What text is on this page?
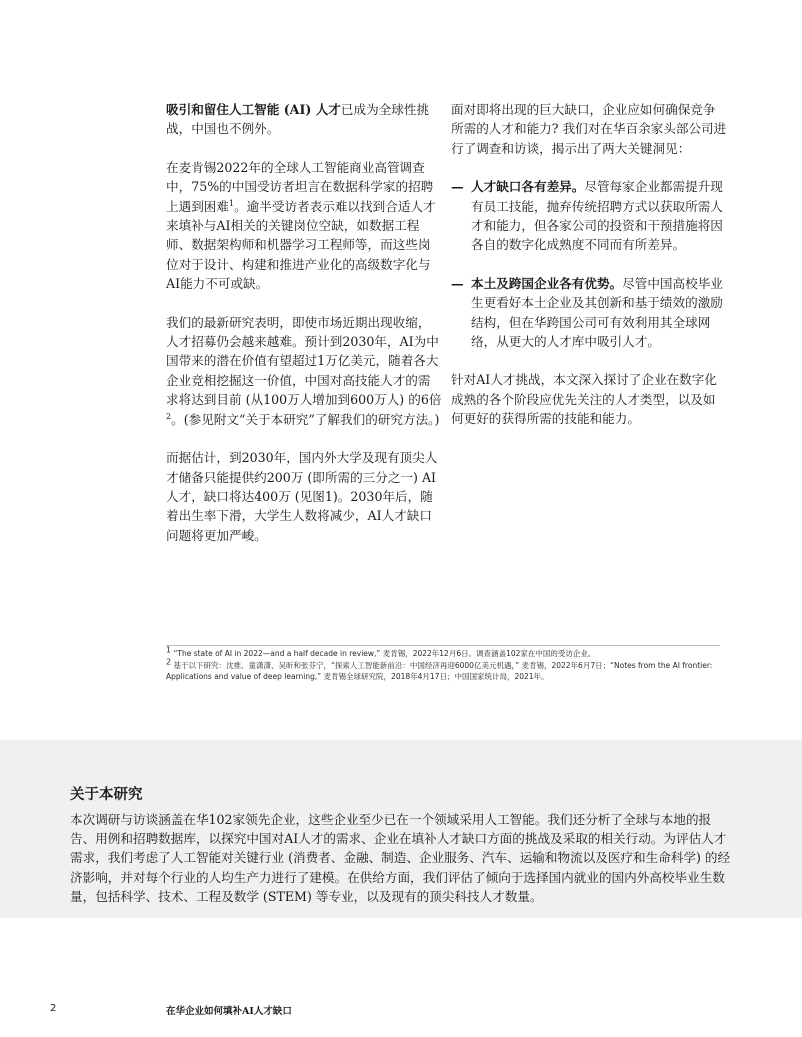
吸引和留住人工智能 (AI) 人才已成为全球性挑战，中国也不例外。

在麦肯锡2022年的全球人工智能商业高管调查中，75%的中国受访者坦言在数据科学家的招聘上遇到困难$^1$。逾半受访者表示难以找到合适人才来填补与AI相关的关键岗位空缺，如数据工程师、数据架构师和机器学习工程师等，而这些岗位对于设计、构建和推进产业化的高级数字化与AI能力不可或缺。

我们的最新研究表明，即使市场近期出现收缩，人才招募仍会越来越难。预计到2030年，AI为中国带来的潜在价值有望超过1万亿美元，随着各大企业竞相挖掘这一价值，中国对高技能人才的需求将达到目前 (从100万人增加到600万人) 的6倍$^2$。(参见附文“关于本研究”了解我们的研究方法。)

而据估计，到2030年，国内外大学及现有顶尖人才储备只能提供约200万 (即所需的三分之一) AI人才，缺口将达400万 (见图1)。2030年后，随着出生率下滑，大学生人数将减少，AI人才缺口问题将更加严峻。

面对即将出现的巨大缺口，企业应如何确保竞争所需的人才和能力? 我们对在华百余家头部公司进行了调查和访谈，揭示出了两大关键洞见：

— 人才缺口各有差异。尽管每家企业都需提升现有员工技能，抛弃传统招聘方式以获取所需人才和能力，但各家公司的投资和干预措施将因各自的数字化成熟度不同而有所差异。
— 本土及跨国企业各有优势。尽管中国高校毕业生更看好本土企业及其创新和基于绩效的激励结构，但在华跨国公司可有效利用其全球网络，从更大的人才库中吸引人才。

针对AI人才挑战，本文深入探讨了企业在数字化成熟的各个阶段应优先关注的人才类型，以及如何更好的获得所需的技能和能力。

$^1$ “The state of AI in 2022—and a half decade in review,” 麦肯锡，2022年12月6日。调查涵盖102家在中国的受访企业。
$^2$ 基于以下研究：沈推、童潇潇、吴昕和张芬宁，“探索人工智能新前沿：中国经济再迎6000亿美元机遇，” 麦肯锡，2022年6月7日；“Notes from the AI frontier: Applications and value of deep learning,” 麦肯锡全球研究院，2018年4月17日；中国国家统计局，2021年。
关于本研究

本次调研与访谈涵盖在华102家领先企业，这些企业至少已在一个领域采用人工智能。我们还分析了全球与本地的报告、用例和招聘数据库，以探究中国对AI人才的需求、企业在填补人才缺口方面的挑战及采取的相关行动。为评估人才需求，我们考虑了人工智能对关键行业 (消费者、金融、制造、企业服务、汽车、运输和物流以及医疗和生命科学) 的经济影响，并对每个行业的人均生产力进行了建模。在供给方面，我们评估了倾向于选择国内就业的国内外高校毕业生数量，包括科学、技术、工程及数学 (STEM) 等专业，以及现有的顶尖科技人才数量。

2	在华企业如何填补AI人才缺口
